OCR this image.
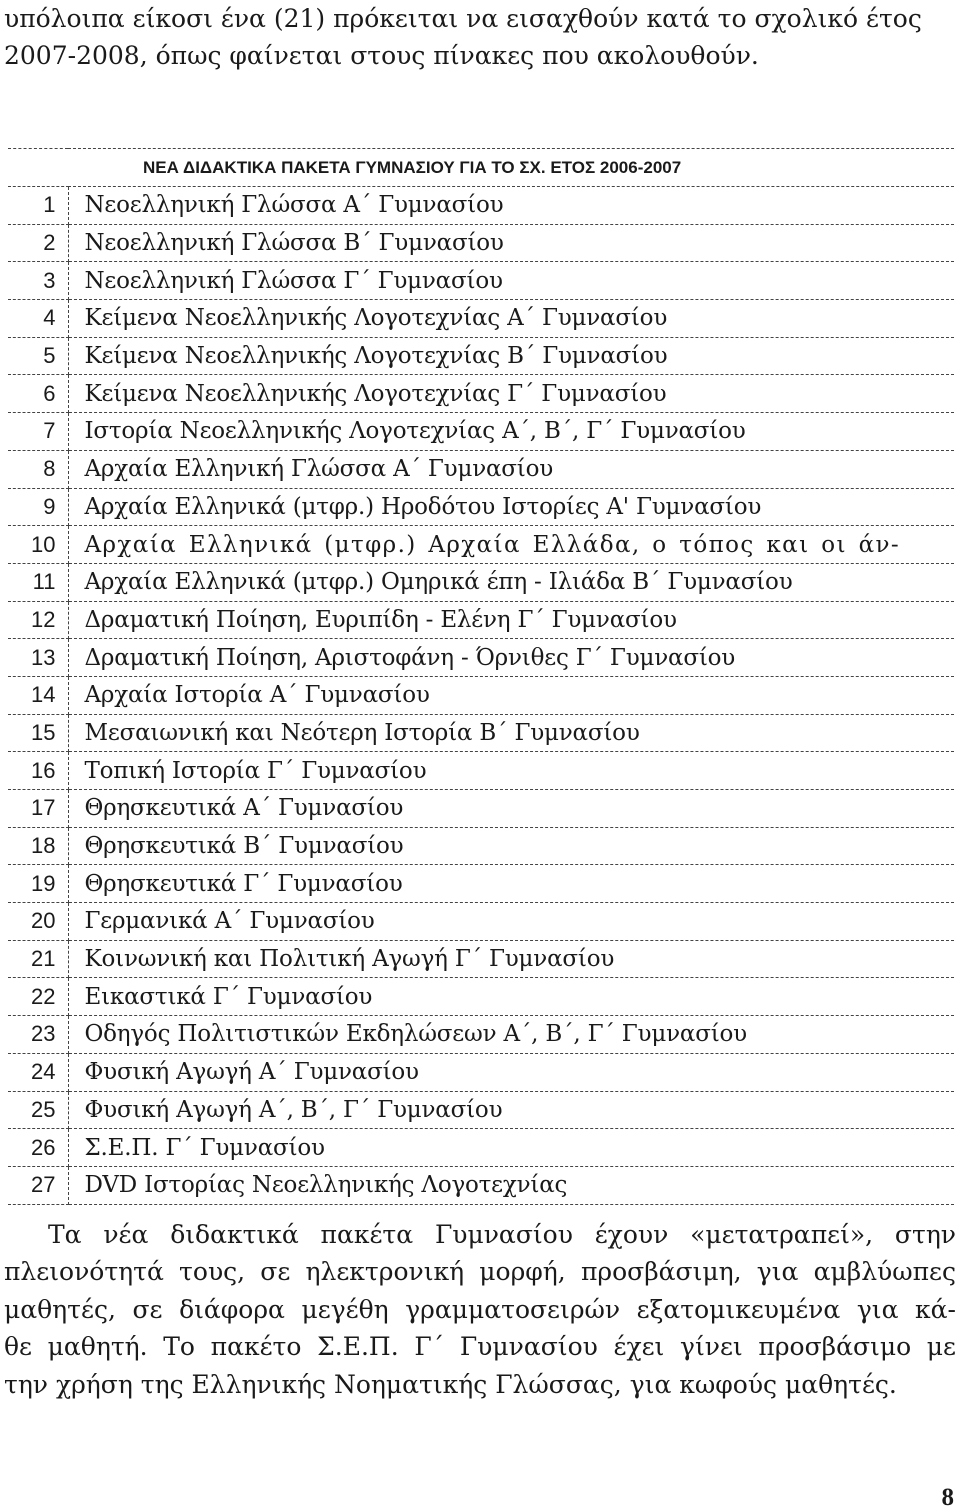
υπόλοιπα είκοσι ένα (21) πρόκειται να εισαχθούν κατά το σχολικό έτος
2007-2008, όπως φαίνεται στους πίνακες που ακολουθούν.

ΝΕΑ ΔΙΔΑΚΤΙΚΑ ΠΑΚΕΤΑ ΓΥΜΝΑΣΙΟΥ ΓΙΑ ΤΟ ΣΧ. ΕΤΟΣ 2006-2007	
1	Νεοελληνική Γλώσσα Α΄ Γυμνασίου
2	Νεοελληνική Γλώσσα Β΄ Γυμνασίου
3	Νεοελληνική Γλώσσα Γ΄ Γυμνασίου
4	Κείμενα Νεοελληνικής Λογοτεχνίας Α΄ Γυμνασίου
5	Κείμενα Νεοελληνικής Λογοτεχνίας Β΄ Γυμνασίου
6	Κείμενα Νεοελληνικής Λογοτεχνίας Γ΄ Γυμνασίου
7	Ιστορία Νεοελληνικής Λογοτεχνίας Α΄, Β΄, Γ΄ Γυμνασίου
8	Αρχαία Ελληνική Γλώσσα Α΄ Γυμνασίου
9	Αρχαία Ελληνικά (μτφρ.) Ηροδότου Ιστορίες Α' Γυμνασίου
10	Αρχαία Ελληνικά (μτφρ.) Αρχαία Ελλάδα, ο τόπος και οι άν-
11	Αρχαία Ελληνικά (μτφρ.) Ομηρικά έπη - Ιλιάδα Β΄ Γυμνασίου
12	Δραματική Ποίηση, Ευριπίδη - Ελένη Γ΄ Γυμνασίου
13	Δραματική Ποίηση, Αριστοφάνη - Όρνιθες Γ΄ Γυμνασίου
14	Αρχαία Ιστορία Α΄ Γυμνασίου
15	Μεσαιωνική και Νεότερη Ιστορία Β΄ Γυμνασίου
16	Τοπική Ιστορία Γ΄ Γυμνασίου
17	Θρησκευτικά Α΄ Γυμνασίου
18	Θρησκευτικά Β΄ Γυμνασίου
19	Θρησκευτικά Γ΄ Γυμνασίου
20	Γερμανικά Α΄ Γυμνασίου
21	Κοινωνική και Πολιτική Αγωγή Γ΄ Γυμνασίου
22	Εικαστικά Γ΄ Γυμνασίου
23	Οδηγός Πολιτιστικών Εκδηλώσεων Α΄, Β΄, Γ΄ Γυμνασίου
24	Φυσική Αγωγή Α΄ Γυμνασίου
25	Φυσική Αγωγή Α΄, Β΄, Γ΄ Γυμνασίου
26	Σ.Ε.Π. Γ΄ Γυμνασίου
27	DVD Ιστορίας Νεοελληνικής Λογοτεχνίας
Τα νέα διδακτικά πακέτα Γυμνασίου έχουν «μετατραπεί», στην
πλειονότητά τους, σε ηλεκτρονική μορφή, προσβάσιμη, για αμβλύωπες
μαθητές, σε διάφορα μεγέθη γραμματοσειρών εξατομικευμένα για κά-
θε μαθητή. Το πακέτο Σ.Ε.Π. Γ΄ Γυμνασίου έχει γίνει προσβάσιμο με
την χρήση της Ελληνικής Νοηματικής Γλώσσας, για κωφούς μαθητές.
8
